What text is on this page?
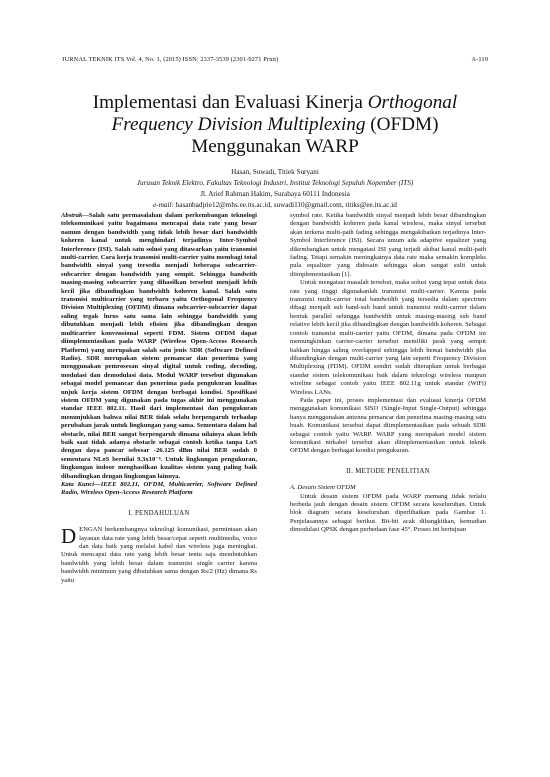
JURNAL TEKNIK ITS Vol. 4, No. 1, (2015) ISSN: 2337-3539 (2301-9271 Print)	A-119
Implementasi dan Evaluasi Kinerja Orthogonal
Frequency Division Multiplexing (OFDM)
Menggunakan WARP
Hasan, Suwadi, Titiek Suryani
Jurusan Teknik Elektro, Fakultas Teknologi Industri, Institut Teknologi Sepuluh Nopember (ITS)
Jl. Arief Rahman Hakim, Surabaya 60111 Indonesia
e-mail: hasanbadjrie12@mhs.ee.its.ac.id, suwadi110@gmail.com, titiks@ee.its.ac.id

Abstrak—Salah satu permasalahan dalam perkembangan teknologi telekomunikasi yaitu bagaimana mencapai data rate yang besar namun dengan bandwidth yang tidak lebih besar dari bandwidth koheren kanal untuk menghindari terjadinya Inter-Symbol Interference (ISI). Salah satu solusi yang ditawarkan yaitu transmisi multi-carrier. Cara kerja transmisi multi-carrier yaitu membagi total bandwidth sinyal yang tersedia menjadi beberapa subcarrier-subcarrier dengan bandwidth yang sempit. Sehingga bandwith masing-masing subcarrier yang dihasilkan tersebut menjadi lebih kecil jika dibandingkan bandwidth koheren kanal. Salah satu transmisi multicarrier yang terbaru yaitu Orthogonal Frequency Division Multiplexing (OFDM) dimana subcarrier-subcarrier dapat saling tegak lurus satu sama lain sehingga bandwidth yang dibutuhkan menjadi lebih efisien jika dibandingkan dengan multicarrier konvensional seperti FDM. Sistem OFDM dapat diimplementasikan pada WARP (Wireless Open-Access Research Platform) yang merupakan salah satu jenis SDR (Software Defined Radio). SDR merupakan sistem pemancar dan penerima yang menggunakan pemrosesan sinyal digital untuk coding, decoding, modulasi dan demodulasi data. Modul WARP tersebut digunakan sebagai model pemancar dan penerima pada pengukuran kualitas unjuk kerja sistem OFDM dengan berbagai kondisi. Spesifikasi sistem OFDM yang digunakan pada tugas akhir ini menggunakan standar IEEE 802.11. Hasil dari implementasi dan pengukuran menunjukkan bahwa nilai BER tidak selalu berpengaruh terhadap perubahan jarak untuk lingkungan yang sama. Sementara dalam hal obstacle, nilai BER sangat berpengaruh dimana nilainya akan lebih baik saat tidak adanya obstacle sebagai contoh ketika tanpa LoS dengan daya pancar sebesar -26.125 dBm nilai BER sudah 0 sementara NLoS bernilai 9.3x10⁻⁶. Untuk lingkungan pengukuran, lingkungan indoor menghasilkan kualitas sistem yang paling baik dibandingkan dengan lingkungan lainnya.

Kata Kunci—IEEE 802.11, OFDM, Multicarrier, Software Defined Radio, Wireless Open-Access Research Platform

I. PENDAHULUAN

DENGAN berkembangnya teknologi komunikasi, permintaan akan layanan data rate yang lebih besar/cepat seperti multimedia, voice dan data baik yang melalui kabel dan wireless juga meningkat. Untuk mencapai data rate yang lebih besar tentu saja membutuhkan bandwidth yang lebih besar dalam transmisi single carrier karena bandwidth minimum yang dibutuhkan sama dengan Rs/2 (Hz) dimana Rs yaitu

symbol rate. Ketika bandwidth sinyal menjadi lebih besar dibandingkan dengan bandwidth koheren pada kanal wireless, maka sinyal tersebut akan terkena multi-path fading sehingga mengakibatkan terjadinya Inter-Symbol Interference (ISI). Secara umum ada adaptive equalizer yang dikembangkan untuk mengatasi ISI yang terjadi akibat kanal multi-path fading. Tetapi semakin meningkatnya data rate maka semakin kompleks pula equalizer yang didesain sehingga akan sangat sulit untuk diimplementasikan [1].

Untuk mengatasi masalah tersebut, maka solusi yang tepat untuk data rate yang tinggi digunakanlah transmisi multi-carrier. Karena pada transmisi multi-carrier total bandwidth yang tersedia dalam spectrum dibagi menjadi sub band-sub band untuk transmisi multi-carrier dalam bentuk parallel sehingga bandwidth untuk masing-masing sub band relative lebih kecil jika dibandingkan dengan bandwidth koheren. Sebagai contoh transmisi multi-carrier yaitu OFDM, dimana pada OFDM ini memungkinkan carrier-carrier tersebut memiliki jarak yang sempit bahkan hingga saling overlapped sehingga lebih hemat bandwidth jika dibandingkan dengan multi-carrier yang lain seperti Frequency Division Multiplexing (FDM). OFDM sendiri sudah diterapkan untuk berbagai standar sistem telekomunikasi baik dalam teknologi wireless maupun wireline sebagai contoh yaitu IEEE 802.11g untuk standar (WiFi) Wireless LANs.

Pada paper ini, proses implementasi dan evaluasi kinerja OFDM menggunakan komunikasi SISO (Single-Input Single-Output) sehingga hanya menggunakan antenna pemancar dan penerima masing-masing satu buah. Komunikasi tersebut dapat diimplementasikan pada sebuah SDR sebagai contoh yaitu WARP. WARP yang merupakan model sistem komunikasi nirkabel tersebut akan diimplementasikan untuk teknik OFDM dengan berbagai kondisi pengukuran.

II. METODE PENELITIAN

A. Desain Sistem OFDM

Untuk desain sistem OFDM pada WARP memang tidak terlalu berbeda jauh dengan desain sistem OFDM secara keseluruhan. Untuk blok diagram secara keseluruhan diperlihatkan pada Gambar 1. Penjelasannya sebagai berikut. Bit-bit acak dibangkitkan, kemudian dimodulasi QPSK dengan perbedaan fase 45°. Proses ini bertujuan
